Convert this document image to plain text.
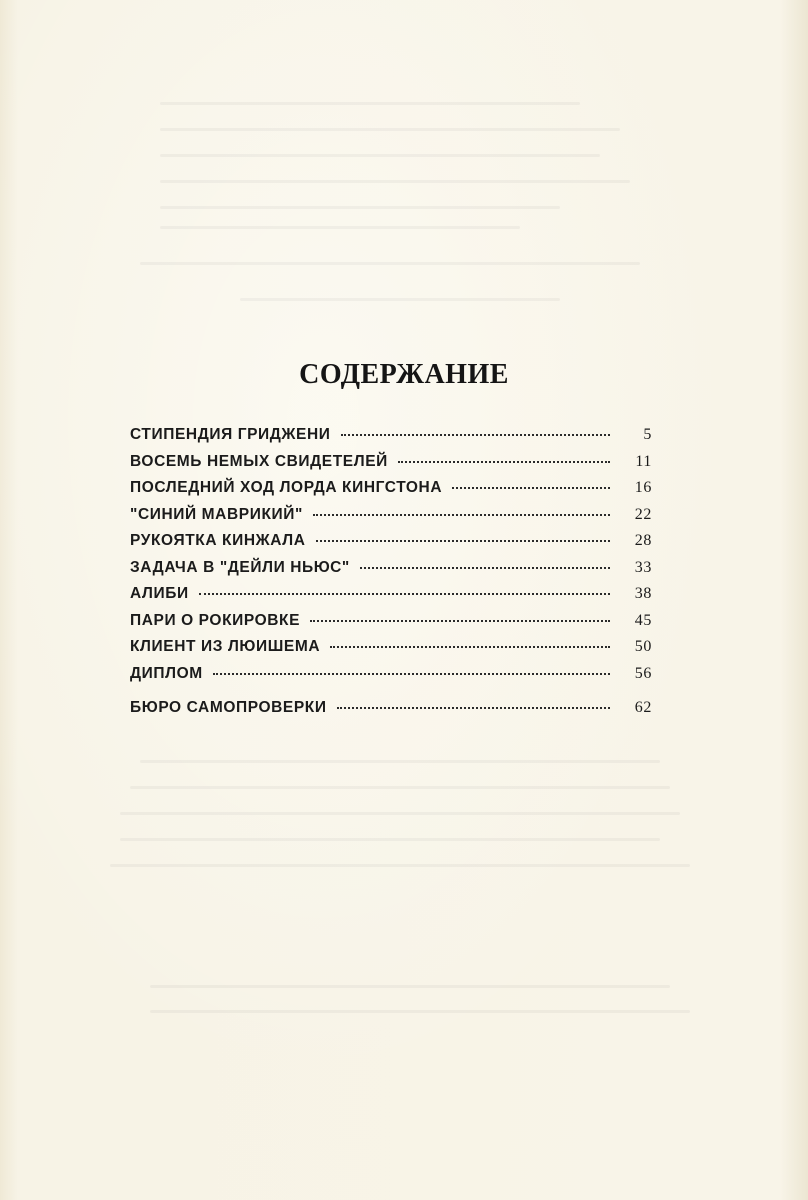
СОДЕРЖАНИЕ
СТИПЕНДИЯ ГРИДЖЕНИ	5
ВОСЕМЬ НЕМЫХ СВИДЕТЕЛЕЙ	11
ПОСЛЕДНИЙ ХОД ЛОРДА КИНГСТОНА	16
"СИНИЙ МАВРИКИЙ"	22
РУКОЯТКА КИНЖАЛА	28
ЗАДАЧА В "ДЕЙЛИ НЬЮС"	33
АЛИБИ	38
ПАРИ О РОКИРОВКЕ	45
КЛИЕНТ ИЗ ЛЮИШЕМА	50
ДИПЛОМ	56
БЮРО САМОПРОВЕРКИ	62
